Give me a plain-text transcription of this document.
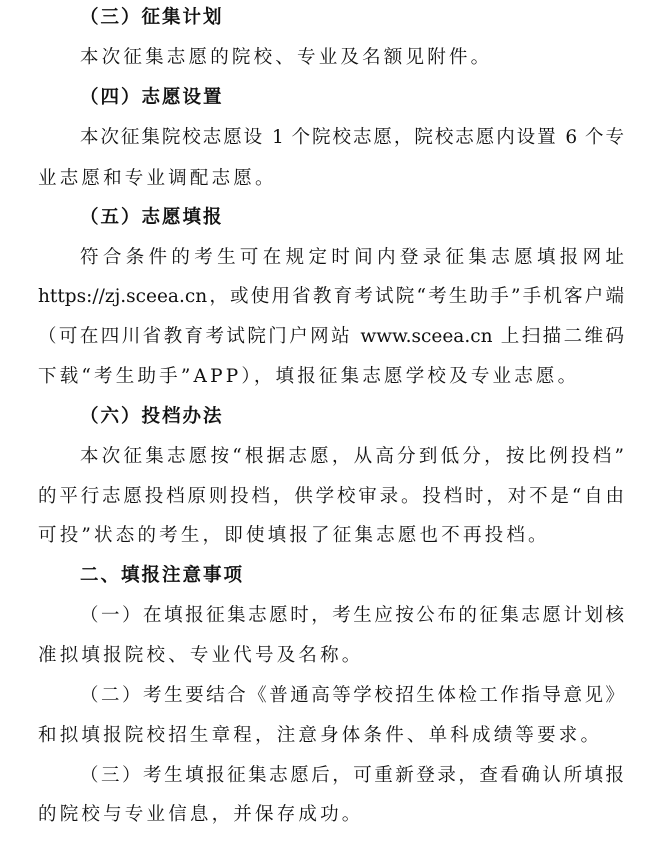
（三）征集计划
本次征集志愿的院校、专业及名额见附件。
（四）志愿设置
本次征集院校志愿设 1 个院校志愿，院校志愿内设置 6 个专
业志愿和专业调配志愿。
（五）志愿填报
符合条件的考生可在规定时间内登录征集志愿填报网址
https://zj.sceea.cn，或使用省教育考试院“考生助手”手机客户端
（可在四川省教育考试院门户网站 www.sceea.cn 上扫描二维码
下载“考生助手”APP），填报征集志愿学校及专业志愿。
（六）投档办法
本次征集志愿按“根据志愿，从高分到低分，按比例投档”
的平行志愿投档原则投档，供学校审录。投档时，对不是“自由
可投”状态的考生，即使填报了征集志愿也不再投档。
二、填报注意事项
（一）在填报征集志愿时，考生应按公布的征集志愿计划核
准拟填报院校、专业代号及名称。
（二）考生要结合《普通高等学校招生体检工作指导意见》
和拟填报院校招生章程，注意身体条件、单科成绩等要求。
（三）考生填报征集志愿后，可重新登录，查看确认所填报
的院校与专业信息，并保存成功。
